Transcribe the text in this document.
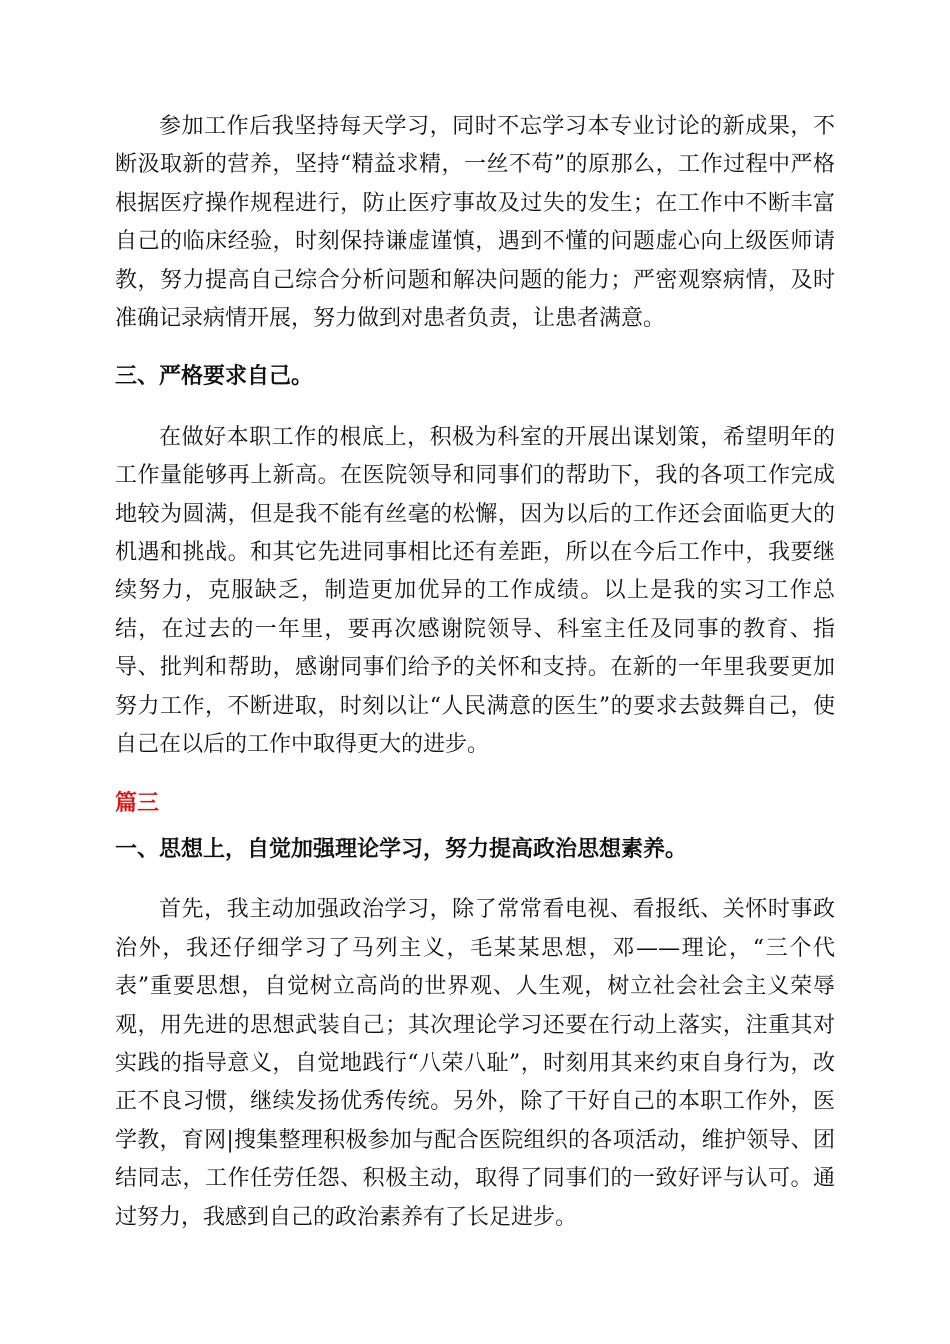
参加工作后我坚持每天学习，同时不忘学习本专业讨论的新成果，不断汲取新的营养，坚持“精益求精，一丝不苟”的原那么，工作过程中严格根据医疗操作规程进行，防止医疗事故及过失的发生；在工作中不断丰富自己的临床经验，时刻保持谦虚谨慎，遇到不懂的问题虚心向上级医师请教，努力提高自己综合分析问题和解决问题的能力；严密观察病情，及时准确记录病情开展，努力做到对患者负责，让患者满意。

三、严格要求自己。

在做好本职工作的根底上，积极为科室的开展出谋划策，希望明年的工作量能够再上新高。在医院领导和同事们的帮助下，我的各项工作完成地较为圆满，但是我不能有丝毫的松懈，因为以后的工作还会面临更大的机遇和挑战。和其它先进同事相比还有差距，所以在今后工作中，我要继续努力，克服缺乏，制造更加优异的工作成绩。以上是我的实习工作总结，在过去的一年里，要再次感谢院领导、科室主任及同事的教育、指导、批判和帮助，感谢同事们给予的关怀和支持。在新的一年里我要更加努力工作，不断进取，时刻以让“人民满意的医生”的要求去鼓舞自己，使自己在以后的工作中取得更大的进步。

篇三

一、思想上，自觉加强理论学习，努力提高政治思想素养。

首先，我主动加强政治学习，除了常常看电视、看报纸、关怀时事政治外，我还仔细学习了马列主义，毛某某思想，邓——理论，“三个代表”重要思想，自觉树立高尚的世界观、人生观，树立社会社会主义荣辱观，用先进的思想武装自己；其次理论学习还要在行动上落实，注重其对实践的指导意义，自觉地践行“八荣八耻”，时刻用其来约束自身行为，改正不良习惯，继续发扬优秀传统。另外，除了干好自己的本职工作外，医学教，育网|搜集整理积极参加与配合医院组织的各项活动，维护领导、团结同志，工作任劳任怨、积极主动，取得了同事们的一致好评与认可。通过努力，我感到自己的政治素养有了长足进步。
